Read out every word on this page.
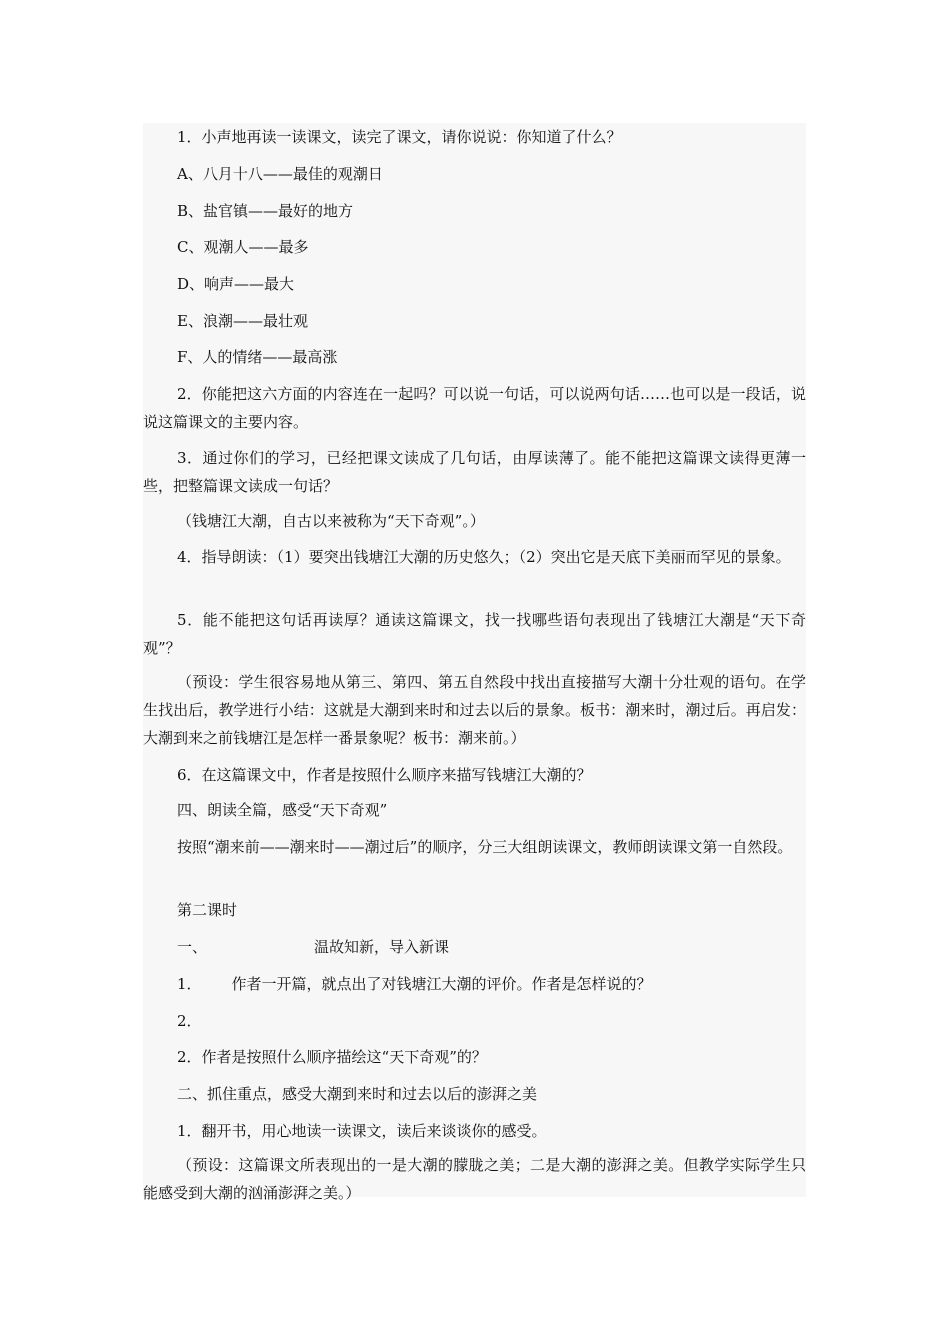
1．小声地再读一读课文，读完了课文，请你说说：你知道了什么？

A、八月十八——最佳的观潮日

B、盐官镇——最好的地方

C、观潮人——最多

D、响声——最大

E、浪潮——最壮观

F、人的情绪——最高涨

2．你能把这六方面的内容连在一起吗？可以说一句话，可以说两句话……也可以是一段话，说说这篇课文的主要内容。

3．通过你们的学习，已经把课文读成了几句话，由厚读薄了。能不能把这篇课文读得更薄一些，把整篇课文读成一句话？

（钱塘江大潮，自古以来被称为“天下奇观”。）

4．指导朗读：（1）要突出钱塘江大潮的历史悠久；（2）突出它是天底下美丽而罕见的景象。

5．能不能把这句话再读厚？通读这篇课文，找一找哪些语句表现出了钱塘江大潮是“天下奇观”？

（预设：学生很容易地从第三、第四、第五自然段中找出直接描写大潮十分壮观的语句。在学生找出后，教学进行小结：这就是大潮到来时和过去以后的景象。板书：潮来时，潮过后。再启发：大潮到来之前钱塘江是怎样一番景象呢？板书：潮来前。）

6．在这篇课文中，作者是按照什么顺序来描写钱塘江大潮的？

四、朗读全篇，感受“天下奇观”

按照“潮来前——潮来时——潮过后”的顺序，分三大组朗读课文，教师朗读课文第一自然段。

第二课时

一、	温故知新，导入新课

1． 作者一开篇，就点出了对钱塘江大潮的评价。作者是怎样说的？

2．

2．作者是按照什么顺序描绘这“天下奇观”的？

二、抓住重点，感受大潮到来时和过去以后的澎湃之美

1．翻开书，用心地读一读课文，读后来谈谈你的感受。

（预设：这篇课文所表现出的一是大潮的朦胧之美；二是大潮的澎湃之美。但教学实际学生只能感受到大潮的汹涌澎湃之美。）
